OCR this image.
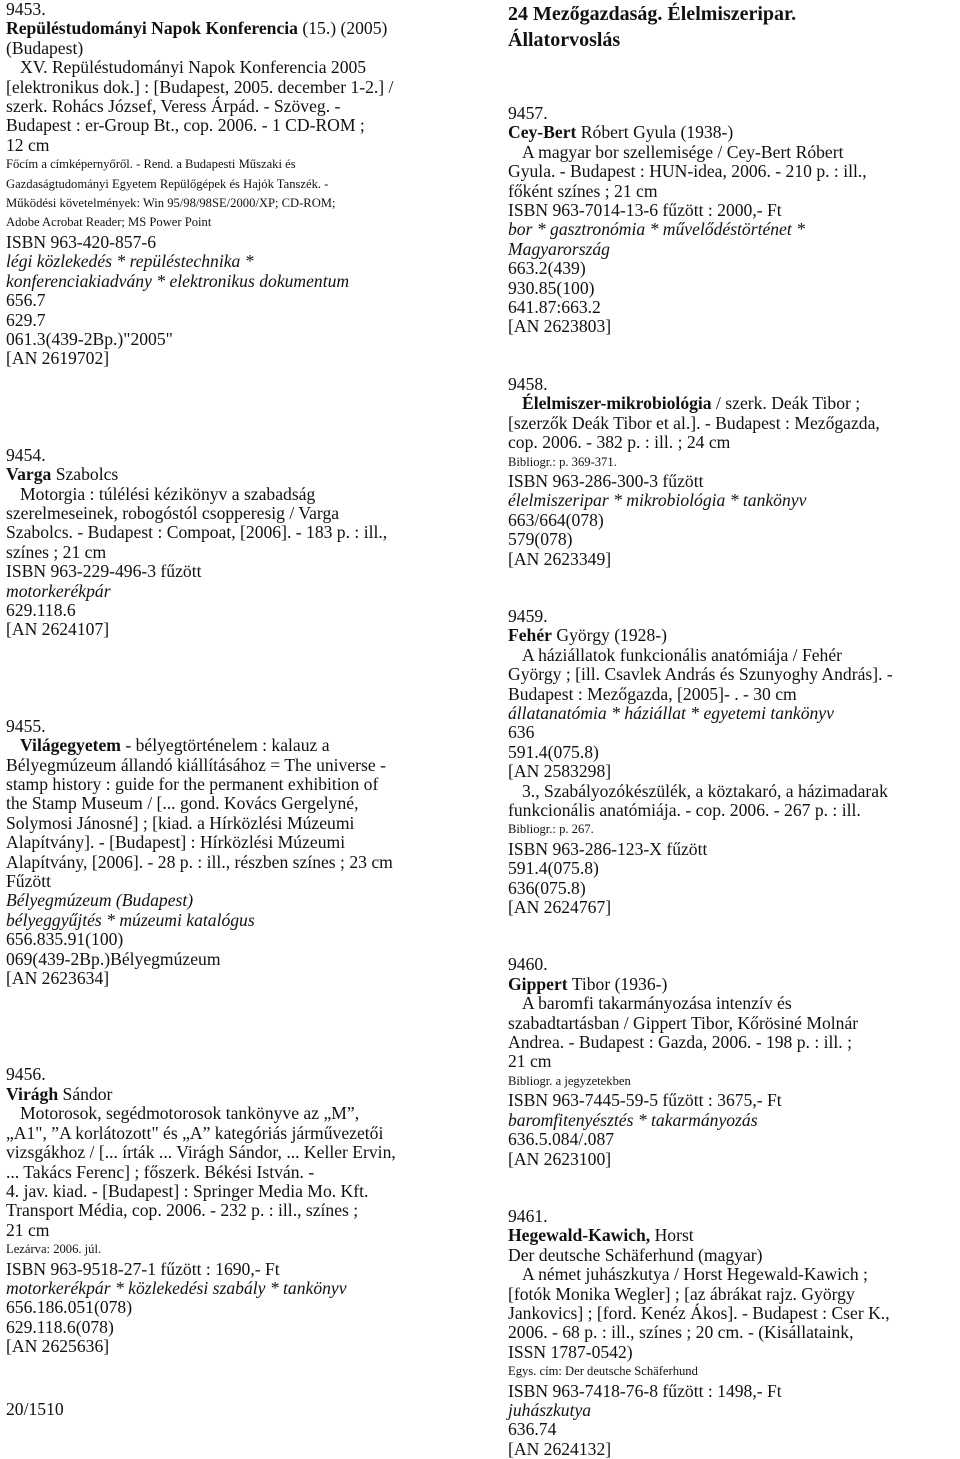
9453.
Repüléstudományi Napok Konferencia (15.) (2005)
(Budapest)
XV. Repüléstudományi Napok Konferencia 2005
[elektronikus dok.] : [Budapest, 2005. december 1-2.] /
szerk. Rohács József, Veress Árpád. - Szöveg. -
Budapest : er-Group Bt., cop. 2006. - 1 CD-ROM ;
12 cm
Főcím a címképernyőről. - Rend. a Budapesti Műszaki és
Gazdaságtudományi Egyetem Repülőgépek és Hajók Tanszék. -
Működési követelmények: Win 95/98/98SE/2000/XP; CD-ROM;
Adobe Acrobat Reader; MS Power Point
ISBN 963-420-857-6
légi közlekedés * repüléstechnika *
konferenciakiadvány * elektronikus dokumentum
656.7
629.7
061.3(439-2Bp.)"2005"
[AN 2619702]
9454.
Varga Szabolcs
Motorgia : túlélési kézikönyv a szabadság
szerelmeseinek, robogóstól csopperesig / Varga
Szabolcs. - Budapest : Compoat, [2006]. - 183 p. : ill.,
színes ; 21 cm
ISBN 963-229-496-3 fűzött
motorkerékpár
629.118.6
[AN 2624107]
9455.
Világegyetem - bélyegtörténelem : kalauz a
Bélyegmúzeum állandó kiállításához = The universe -
stamp history : guide for the permanent exhibition of
the Stamp Museum / [... gond. Kovács Gergelyné,
Solymosi Jánosné] ; [kiad. a Hírközlési Múzeumi
Alapítvány]. - [Budapest] : Hírközlési Múzeumi
Alapítvány, [2006]. - 28 p. : ill., részben színes ; 23 cm
Fűzött
Bélyegmúzeum (Budapest)
bélyeggyűjtés * múzeumi katalógus
656.835.91(100)
069(439-2Bp.)Bélyegmúzeum
[AN 2623634]
9456.
Virágh Sándor
Motorosok, segédmotorosok tankönyve az „M”,
„A1", ”A korlátozott" és „A” kategóriás járművezetői
vizsgákhoz / [... írták ... Virágh Sándor, ... Keller Ervin,
... Takács Ferenc] ; főszerk. Békési István. -
4. jav. kiad. - [Budapest] : Springer Media Mo. Kft.
Transport Média, cop. 2006. - 232 p. : ill., színes ;
21 cm
Lezárva: 2006. júl.
ISBN 963-9518-27-1 fűzött : 1690,- Ft
motorkerékpár * közlekedési szabály * tankönyv
656.186.051(078)
629.118.6(078)
[AN 2625636]
24 Mezőgazdaság. Élelmiszeripar.
Állatorvoslás
9457.
Cey-Bert Róbert Gyula (1938-)
A magyar bor szellemisége / Cey-Bert Róbert
Gyula. - Budapest : HUN-idea, 2006. - 210 p. : ill.,
főként színes ; 21 cm
ISBN 963-7014-13-6 fűzött : 2000,- Ft
bor * gasztronómia * művelődéstörténet *
Magyarország
663.2(439)
930.85(100)
641.87:663.2
[AN 2623803]
9458.
Élelmiszer-mikrobiológia / szerk. Deák Tibor ;
[szerzők Deák Tibor et al.]. - Budapest : Mezőgazda,
cop. 2006. - 382 p. : ill. ; 24 cm
Bibliogr.: p. 369-371.
ISBN 963-286-300-3 fűzött
élelmiszeripar * mikrobiológia * tankönyv
663/664(078)
579(078)
[AN 2623349]
9459.
Fehér György (1928-)
A háziállatok funkcionális anatómiája / Fehér
György ; [ill. Csavlek András és Szunyoghy András]. -
Budapest : Mezőgazda, [2005]- . - 30 cm
állatanatómia * háziállat * egyetemi tankönyv
636
591.4(075.8)
[AN 2583298]
3., Szabályozókészülék, a köztakaró, a házimadarak
funkcionális anatómiája. - cop. 2006. - 267 p. : ill.
Bibliogr.: p. 267.
ISBN 963-286-123-X fűzött
591.4(075.8)
636(075.8)
[AN 2624767]
9460.
Gippert Tibor (1936-)
A baromfi takarmányozása intenzív és
szabadtartásban / Gippert Tibor, Kőrösiné Molnár
Andrea. - Budapest : Gazda, 2006. - 198 p. : ill. ;
21 cm
Bibliogr. a jegyzetekben
ISBN 963-7445-59-5 fűzött : 3675,- Ft
baromfitenyésztés * takarmányozás
636.5.084/.087
[AN 2623100]
9461.
Hegewald-Kawich, Horst
Der deutsche Schäferhund (magyar)
A német juhászkutya / Horst Hegewald-Kawich ;
[fotók Monika Wegler] ; [az ábrákat rajz. György
Jankovics] ; [ford. Kenéz Ákos]. - Budapest : Cser K.,
2006. - 68 p. : ill., színes ; 20 cm. - (Kisállataink,
ISSN 1787-0542)
Egys. cím: Der deutsche Schäferhund
ISBN 963-7418-76-8 fűzött : 1498,- Ft
juhászkutya
636.74
[AN 2624132]
20/1510
